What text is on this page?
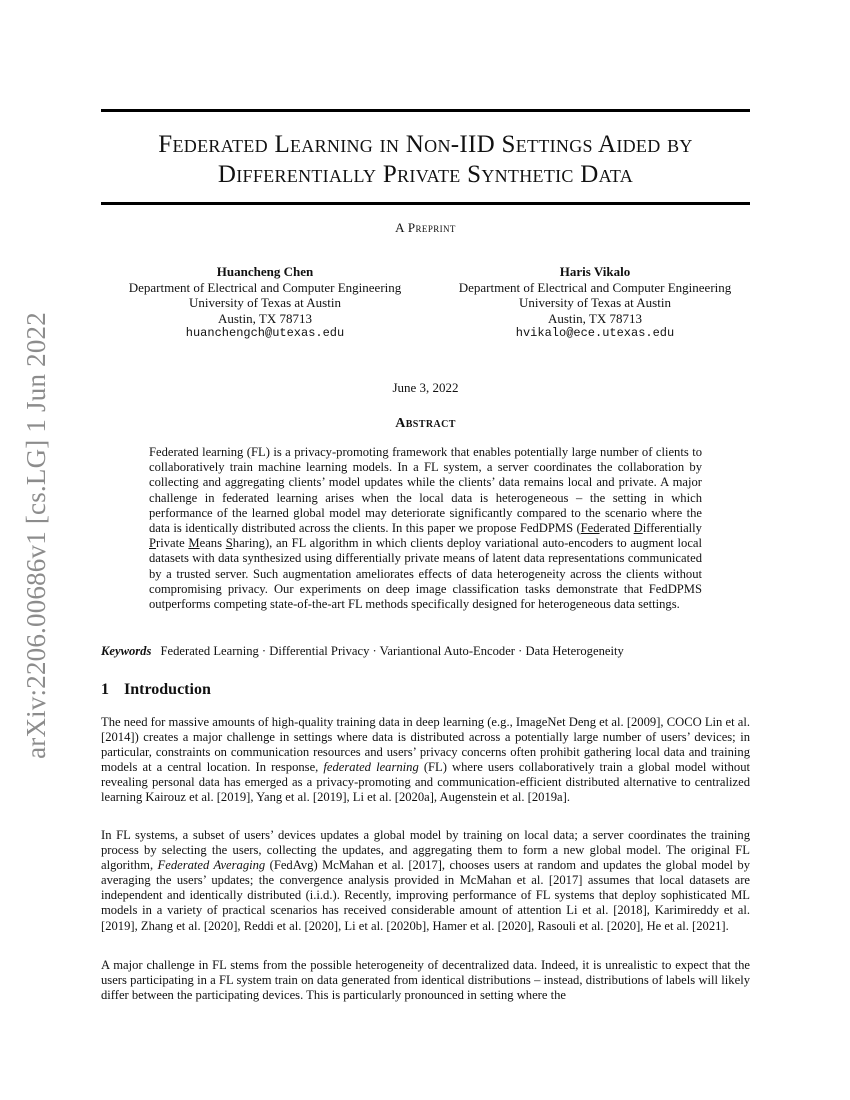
arXiv:2206.00686v1 [cs.LG] 1 Jun 2022
Federated Learning in Non-IID Settings Aided by
Differentially Private Synthetic Data
A Preprint
Huancheng Chen
Department of Electrical and Computer Engineering
University of Texas at Austin
Austin, TX 78713
huanchengch@utexas.edu
Haris Vikalo
Department of Electrical and Computer Engineering
University of Texas at Austin
Austin, TX 78713
hvikalo@ece.utexas.edu
June 3, 2022
Abstract

Federated learning (FL) is a privacy-promoting framework that enables potentially large number of clients to collaboratively train machine learning models. In a FL system, a server coordinates the collaboration by collecting and aggregating clients’ model updates while the clients’ data remains local and private. A major challenge in federated learning arises when the local data is heterogeneous – the setting in which performance of the learned global model may deteriorate significantly compared to the scenario where the data is identically distributed across the clients. In this paper we propose FedDPMS (Federated Differentially Private Means Sharing), an FL algorithm in which clients deploy variational auto-encoders to augment local datasets with data synthesized using differentially private means of latent data representations communicated by a trusted server. Such augmentation ameliorates effects of data heterogeneity across the clients without compromising privacy. Our experiments on deep image classification tasks demonstrate that FedDPMS outperforms competing state-of-the-art FL methods specifically designed for heterogeneous data settings.

Keywords Federated Learning · Differential Privacy · Variantional Auto-Encoder · Data Heterogeneity
1 Introduction

The need for massive amounts of high-quality training data in deep learning (e.g., ImageNet Deng et al. [2009], COCO Lin et al. [2014]) creates a major challenge in settings where data is distributed across a potentially large number of users’ devices; in particular, constraints on communication resources and users’ privacy concerns often prohibit gathering local data and training models at a central location. In response, federated learning (FL) where users collaboratively train a global model without revealing personal data has emerged as a privacy-promoting and communication-efficient distributed alternative to centralized learning Kairouz et al. [2019], Yang et al. [2019], Li et al. [2020a], Augenstein et al. [2019a].

In FL systems, a subset of users’ devices updates a global model by training on local data; a server coordinates the training process by selecting the users, collecting the updates, and aggregating them to form a new global model. The original FL algorithm, Federated Averaging (FedAvg) McMahan et al. [2017], chooses users at random and updates the global model by averaging the users’ updates; the convergence analysis provided in McMahan et al. [2017] assumes that local datasets are independent and identically distributed (i.i.d.). Recently, improving performance of FL systems that deploy sophisticated ML models in a variety of practical scenarios has received considerable amount of attention Li et al. [2018], Karimireddy et al. [2019], Zhang et al. [2020], Reddi et al. [2020], Li et al. [2020b], Hamer et al. [2020], Rasouli et al. [2020], He et al. [2021].

A major challenge in FL stems from the possible heterogeneity of decentralized data. Indeed, it is unrealistic to expect that the users participating in a FL system train on data generated from identical distributions – instead, distributions of labels will likely differ between the participating devices. This is particularly pronounced in setting where the
